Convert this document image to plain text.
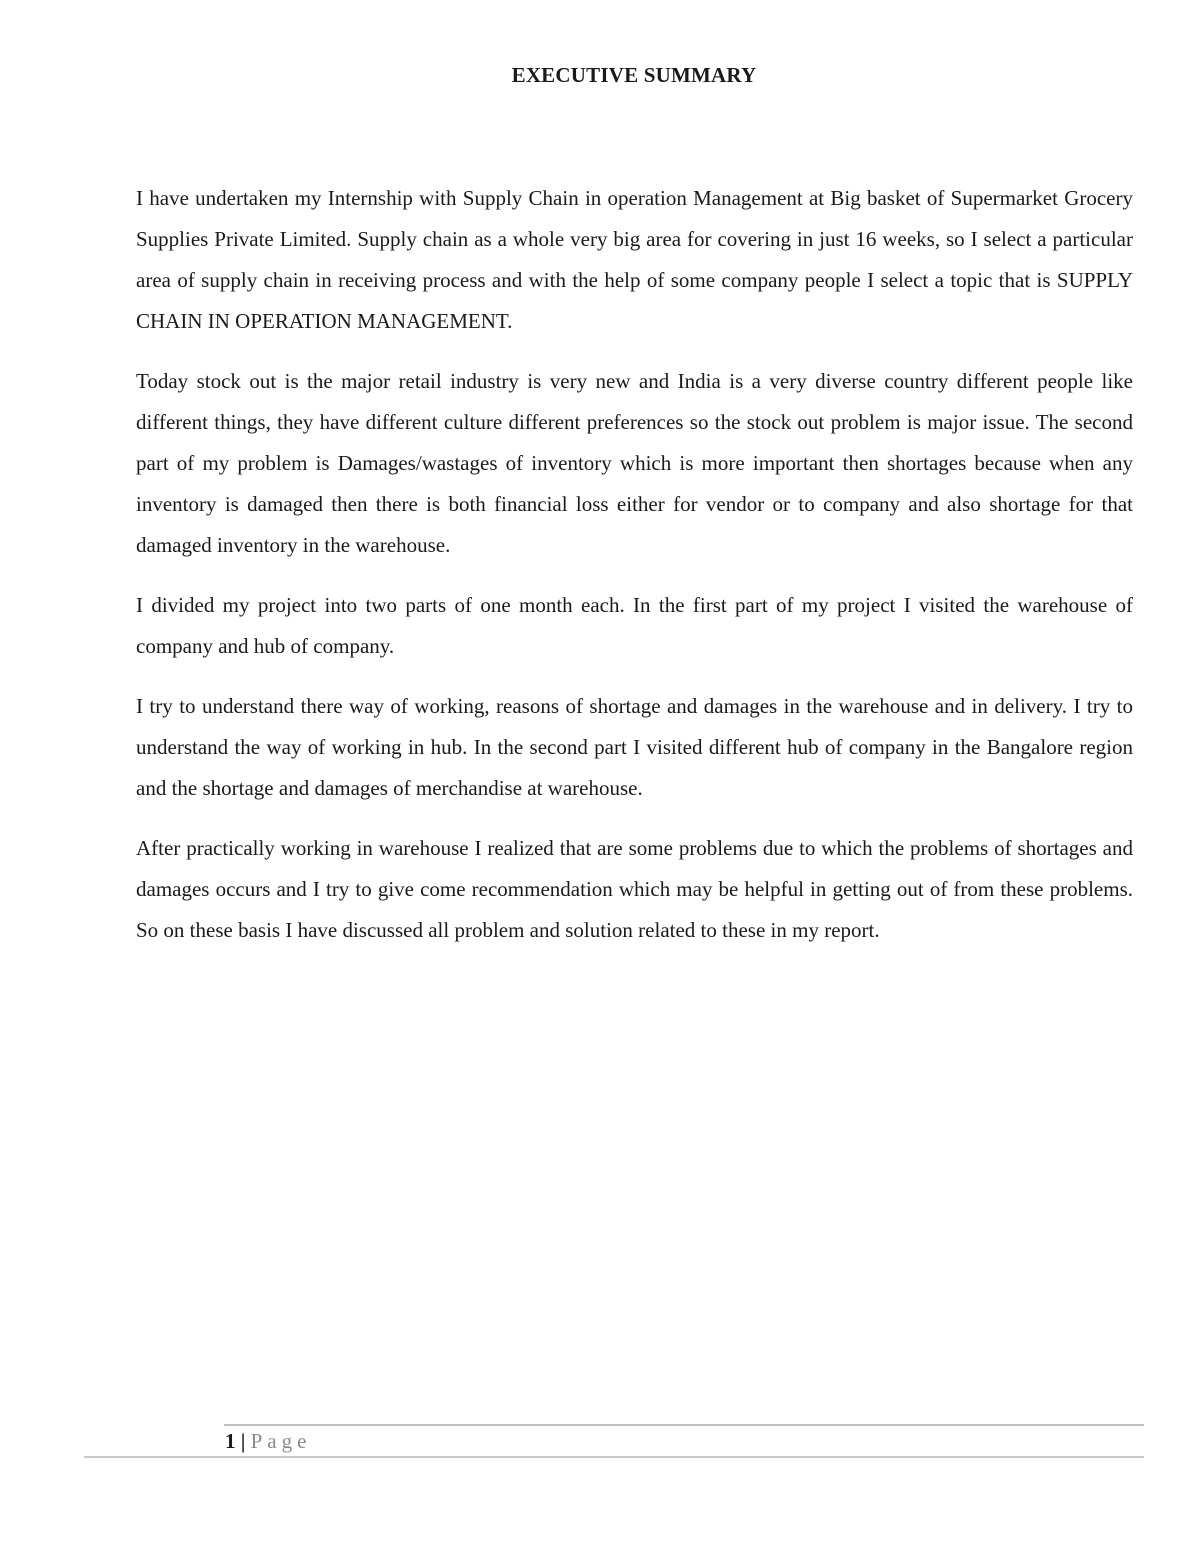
EXECUTIVE SUMMARY

I have undertaken my Internship with Supply Chain in operation Management at Big basket of Supermarket Grocery Supplies Private Limited. Supply chain as a whole very big area for covering in just 16 weeks, so I select a particular area of supply chain in receiving process and with the help of some company people I select a topic that is SUPPLY CHAIN IN OPERATION MANAGEMENT.

Today stock out is the major retail industry is very new and India is a very diverse country different people like different things, they have different culture different preferences so the stock out problem is major issue. The second part of my problem is Damages/wastages of inventory which is more important then shortages because when any inventory is damaged then there is both financial loss either for vendor or to company and also shortage for that damaged inventory in the warehouse.

I divided my project into two parts of one month each. In the first part of my project I visited the warehouse of company and hub of company.

I try to understand there way of working, reasons of shortage and damages in the warehouse and in delivery. I try to understand the way of working in hub. In the second part I visited different hub of company in the Bangalore region and the shortage and damages of merchandise at warehouse.

After practically working in warehouse I realized that are some problems due to which the problems of shortages and damages occurs and I try to give come recommendation which may be helpful in getting out of from these problems. So on these basis I have discussed all problem and solution related to these in my report.

1 | Page
